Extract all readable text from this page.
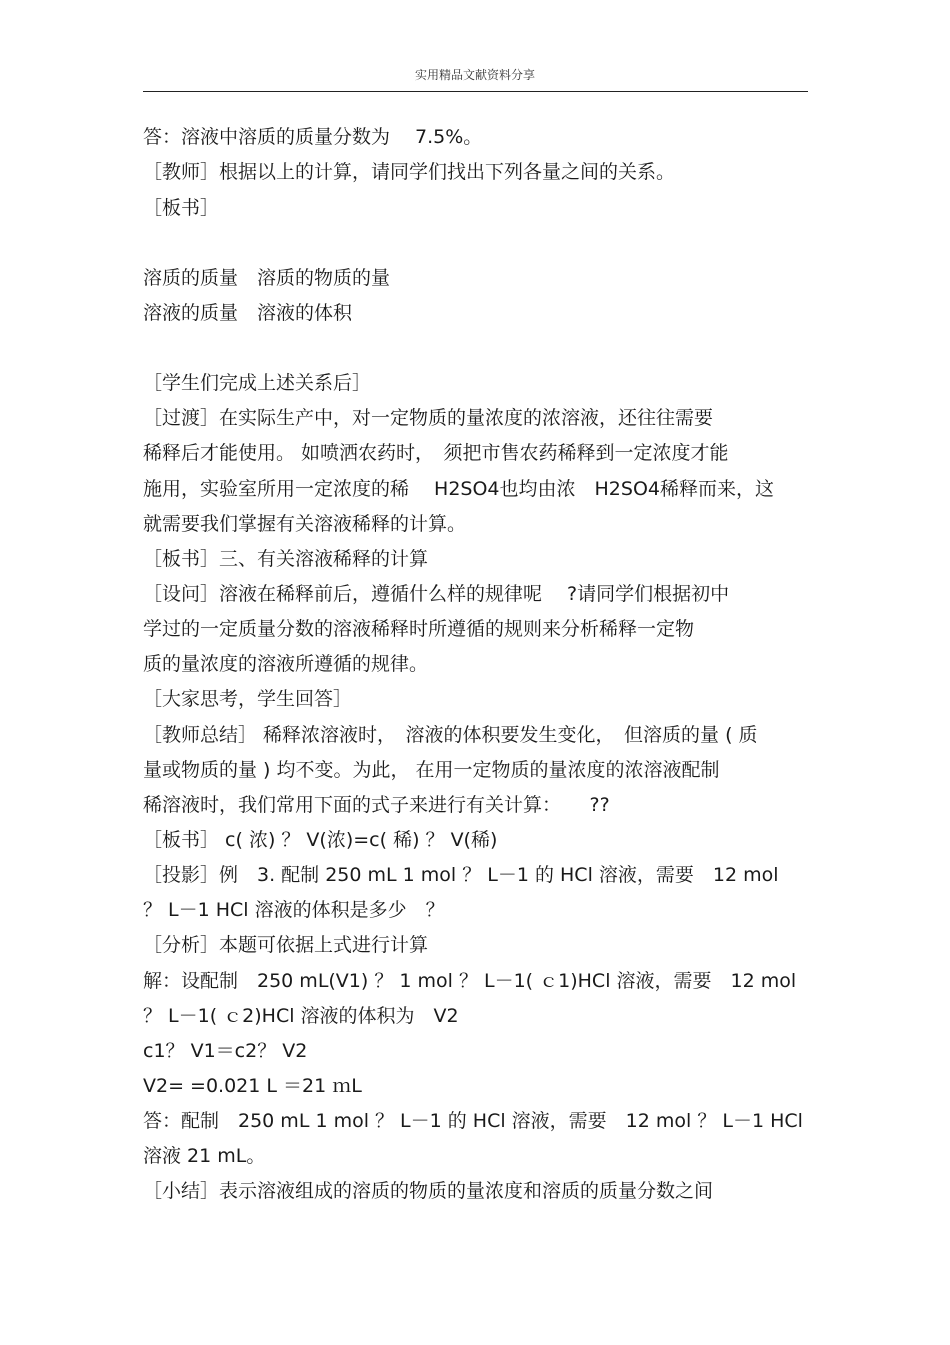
实用精品文献资料分享
答：溶液中溶质的质量分数为　 7.5%。
［教师］根据以上的计算，请同学们找出下列各量之间的关系。
［板书］
溶质的质量　溶质的物质的量
溶液的质量　溶液的体积
［学生们完成上述关系后］
［过渡］在实际生产中，对一定物质的量浓度的浓溶液，还往往需要
稀释后才能使用。 如喷洒农药时，　须把市售农药稀释到一定浓度才能
施用，实验室所用一定浓度的稀　 H2SO4也均由浓　H2SO4稀释而来，这
就需要我们掌握有关溶液稀释的计算。
［板书］三、有关溶液稀释的计算
［设问］溶液在稀释前后，遵循什么样的规律呢　 ?请同学们根据初中
学过的一定质量分数的溶液稀释时所遵循的规则来分析稀释一定物
质的量浓度的溶液所遵循的规律。
［大家思考，学生回答］
［教师总结］ 稀释浓溶液时，　溶液的体积要发生变化，　但溶质的量 ( 质
量或物质的量 ) 均不变。为此， 在用一定物质的量浓度的浓溶液配制
稀溶液时，我们常用下面的式子来进行有关计算：　　??
［板书］ c( 浓) ？ V(浓)=c( 稀) ？ V(稀)
［投影］例　3. 配制 250 mL 1 mol ？ L－1 的 HCl 溶液，需要　12 mol
？ L－1 HCl 溶液的体积是多少　？
［分析］本题可依据上式进行计算
解：设配制　250 mL(V1) ？ 1 mol ？ L－1( ｃ1)HCl 溶液，需要　12 mol
？ L－1( ｃ2)HCl 溶液的体积为　V2
c1？ V1＝c2？ V2
V2= =0.021 L ＝21 ｍL
答：配制　250 mL 1 mol ？ L－1 的 HCl 溶液，需要　12 mol ？ L－1 HCl
溶液 21 mL。
［小结］表示溶液组成的溶质的物质的量浓度和溶质的质量分数之间
